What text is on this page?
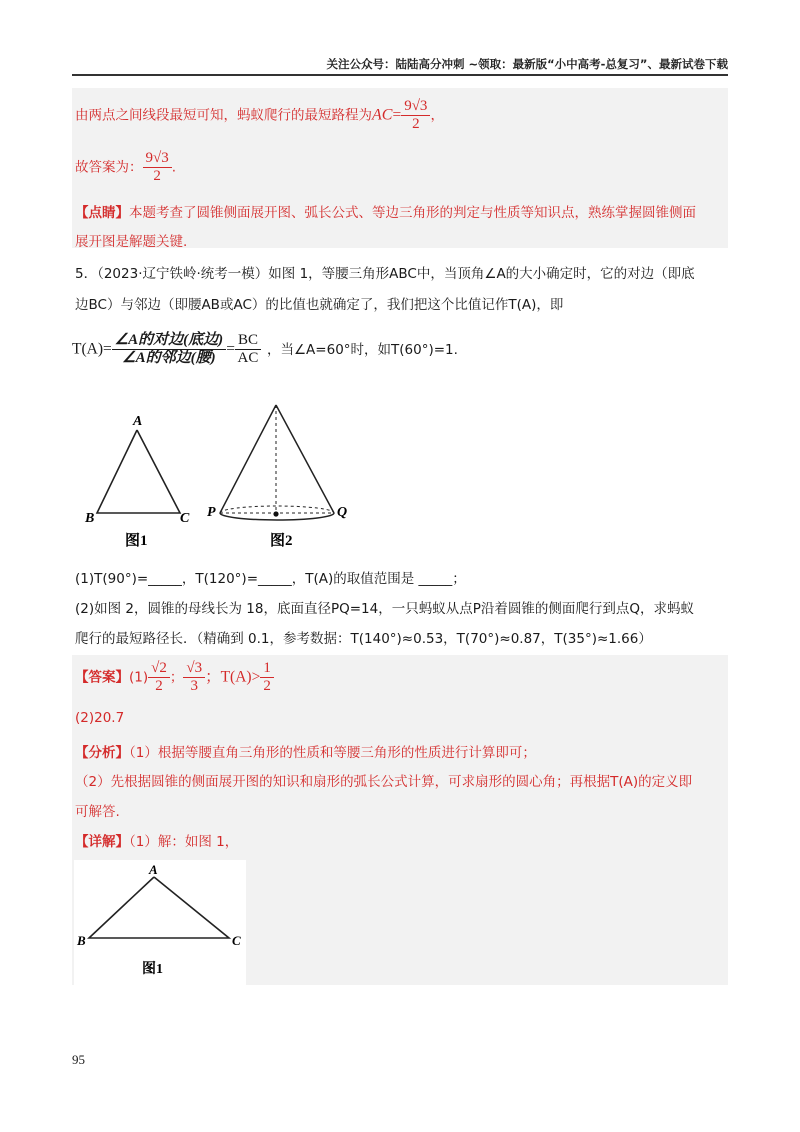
关注公众号：陆陆高分冲刺 ~领取：最新版“小中高考-总复习”、最新试卷下载
由两点之间线段最短可知，蚂蚁爬行的最短路程为$AC= \frac{9√3}{2}$ ，
故答案为： $\frac{9√3}{2}$ .
【点睛】本题考查了圆锥侧面展开图、弧长公式、等边三角形的判定与性质等知识点，熟练掌握圆锥侧面
展开图是解题关键.
5．（2023·辽宁铁岭·统考一模）如图 1，等腰三角形ABC中，当顶角∠A的大小确定时，它的对边（即底
边BC）与邻边（即腰AB或AC）的比值也就确定了，我们把这个比值记作T(A)，即
$T(A)= \frac{\text{∠A的对边(底边)}}{\text{∠A的邻边(腰)}} = \frac{BC}{AC}$ ，当∠A=60°时，如T(60°)=1.
A
B	C
图1
P	Q
图2
(1)T(90°)=_____，T(120°)=_____，T(A)的取值范围是 _____；
(2)如图 2，圆锥的母线长为 18，底面直径PQ=14，一只蚂蚁从点P沿着圆锥的侧面爬行到点Q，求蚂蚁
爬行的最短路径长．（精确到 0.1，参考数据：T(140°)≈0.53，T(70°)≈0.87，T(35°)≈1.66）
【答案】$(1) \frac{√2}{2}$ ； $\frac{√3}{3}$ ；$T(A)> \frac{1}{2}$
(2)20.7
【分析】（1）根据等腰直角三角形的性质和等腰三角形的性质进行计算即可；
（2）先根据圆锥的侧面展开图的知识和扇形的弧长公式计算，可求扇形的圆心角；再根据T(A)的定义即
可解答.
【详解】（1）解：如图 1，
A
B	C
图1
95
